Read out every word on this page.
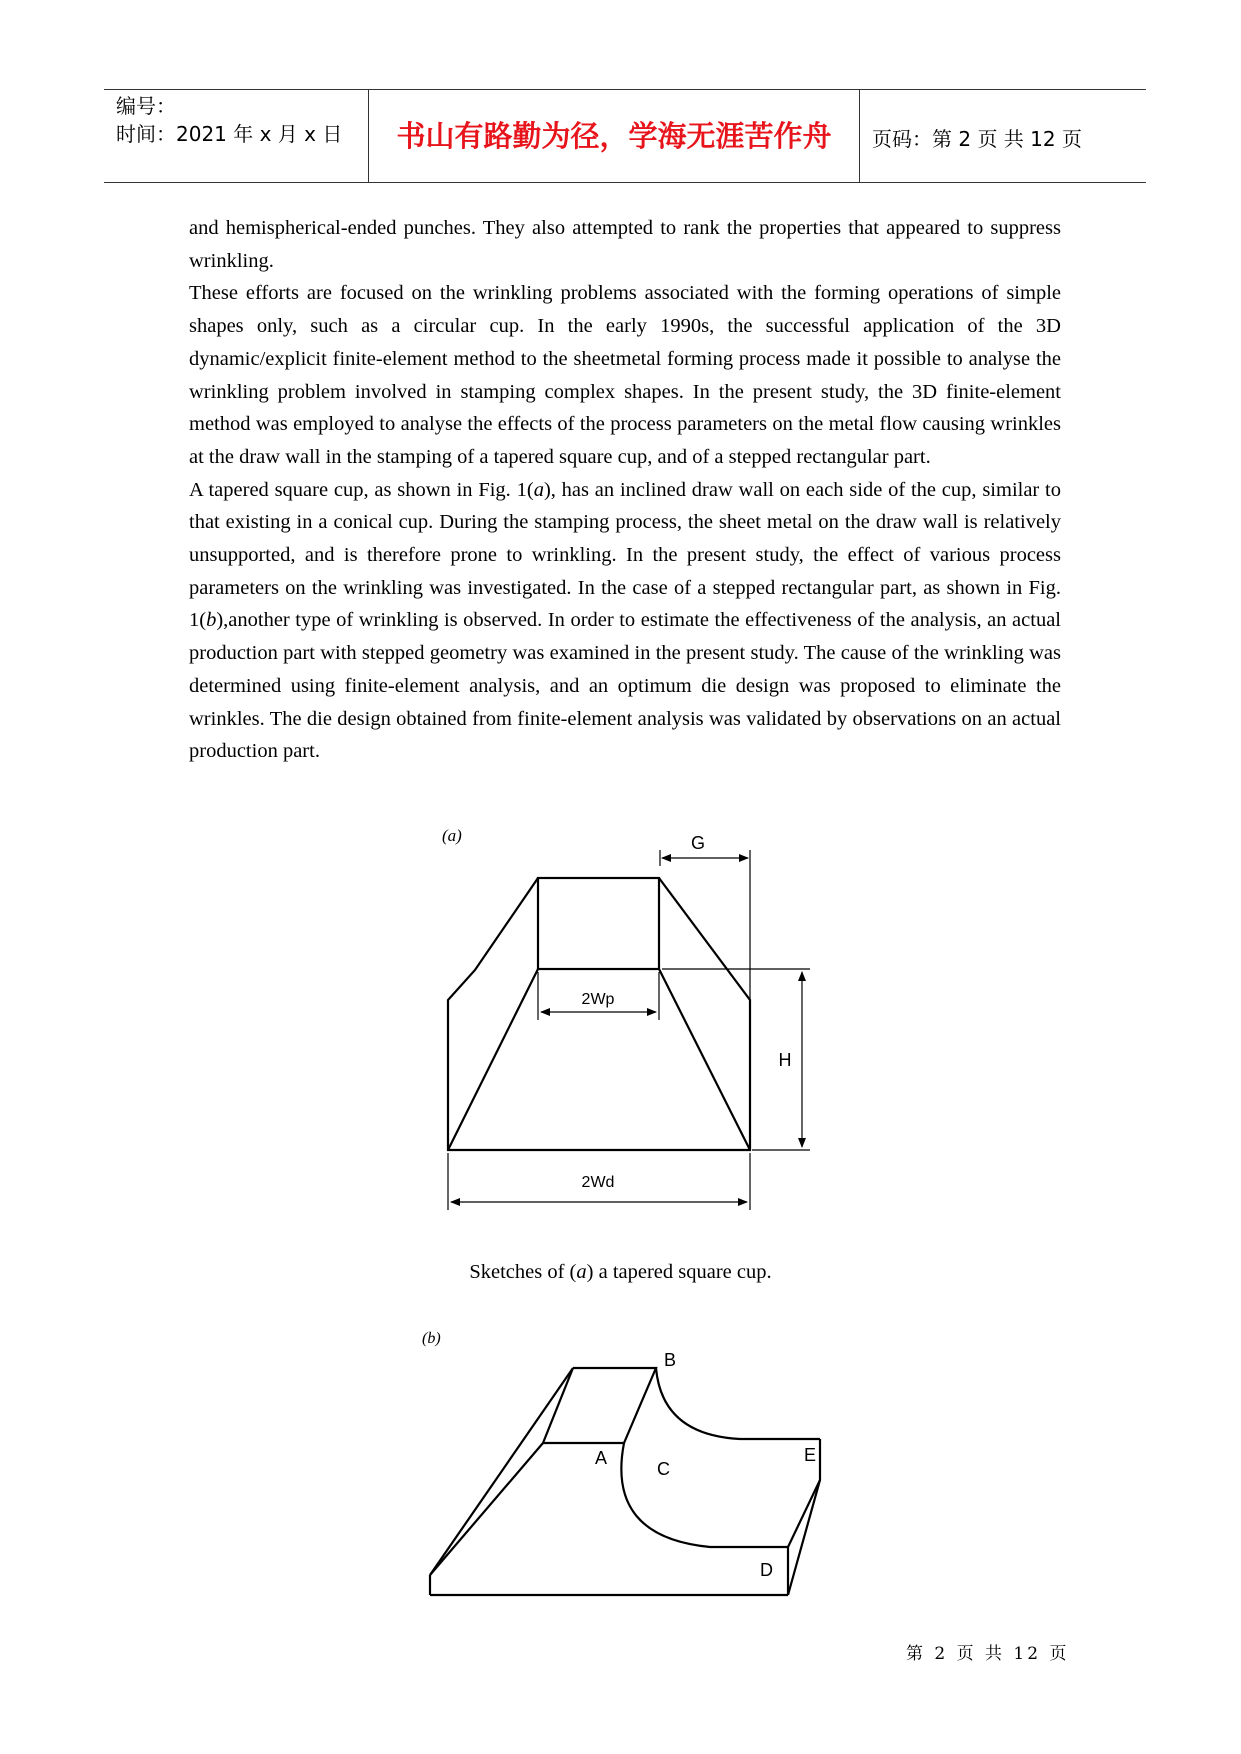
编号：
时间：2021 年 x 月 x 日	书山有路勤为径，学海无涯苦作舟	页码：第 2 页 共 12 页

and hemispherical-ended punches. They also attempted to rank the properties that appeared to suppress wrinkling.

These efforts are focused on the wrinkling problems associated with the forming operations of simple shapes only, such as a circular cup. In the early 1990s, the successful application of the 3D dynamic/explicit finite-element method to the sheetmetal forming process made it possible to analyse the wrinkling problem involved in stamping complex shapes. In the present study, the 3D finite-element method was employed to analyse the effects of the process parameters on the metal flow causing wrinkles at the draw wall in the stamping of a tapered square cup, and of a stepped rectangular part.

A tapered square cup, as shown in Fig. 1(a), has an inclined draw wall on each side of the cup, similar to that existing in a conical cup. During the stamping process, the sheet metal on the draw wall is relatively unsupported, and is therefore prone to wrinkling. In the present study, the effect of various process parameters on the wrinkling was investigated. In the case of a stepped rectangular part, as shown in Fig. 1(b),another type of wrinkling is observed. In order to estimate the effectiveness of the analysis, an actual production part with stepped geometry was examined in the present study. The cause of the wrinkling was determined using finite-element analysis, and an optimum die design was proposed to eliminate the wrinkles. The die design obtained from finite-element analysis was validated by observations on an actual production part.

(a)	G
2Wp
H
2Wd
Sketches of (a) a tapered square cup.
(b)
B
A
C
E
D
第 2 页 共 12 页
